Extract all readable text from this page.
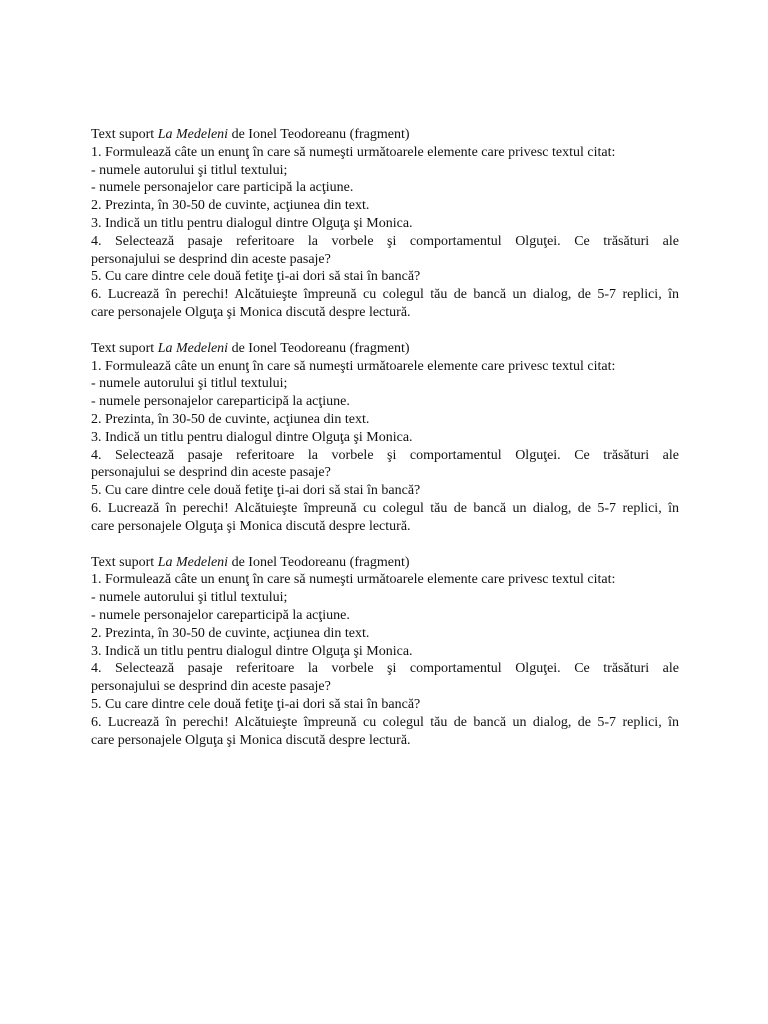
Text suport La Medeleni de Ionel Teodoreanu (fragment)
1. Formulează câte un enunţ în care să numeşti următoarele elemente care privesc textul citat:
- numele autorului şi titlul textului;
- numele personajelor care participă la acţiune.
2. Prezinta, în 30-50 de cuvinte, acţiunea din text.
3. Indică un titlu pentru dialogul dintre Olguţa şi Monica.
4. Selectează pasaje referitoare la vorbele şi comportamentul Olguţei. Ce trăsături ale
personajului se desprind din aceste pasaje?
5. Cu care dintre cele două fetiţe ţi-ai dori să stai în bancă?
6. Lucrează în perechi! Alcătuieşte împreună cu colegul tău de bancă un dialog, de 5-7 replici, în
care personajele Olguţa şi Monica discută despre lectură.
Text suport La Medeleni de Ionel Teodoreanu (fragment)
1. Formulează câte un enunţ în care să numeşti următoarele elemente care privesc textul citat:
- numele autorului şi titlul textului;
- numele personajelor careparticipă la acţiune.
2. Prezinta, în 30-50 de cuvinte, acţiunea din text.
3. Indică un titlu pentru dialogul dintre Olguţa şi Monica.
4. Selectează pasaje referitoare la vorbele şi comportamentul Olguţei. Ce trăsături ale
personajului se desprind din aceste pasaje?
5. Cu care dintre cele două fetiţe ţi-ai dori să stai în bancă?
6. Lucrează în perechi! Alcătuieşte împreună cu colegul tău de bancă un dialog, de 5-7 replici, în
care personajele Olguţa şi Monica discută despre lectură.
Text suport La Medeleni de Ionel Teodoreanu (fragment)
1. Formulează câte un enunţ în care să numeşti următoarele elemente care privesc textul citat:
- numele autorului şi titlul textului;
- numele personajelor careparticipă la acţiune.
2. Prezinta, în 30-50 de cuvinte, acţiunea din text.
3. Indică un titlu pentru dialogul dintre Olguţa şi Monica.
4. Selectează pasaje referitoare la vorbele şi comportamentul Olguţei. Ce trăsături ale
personajului se desprind din aceste pasaje?
5. Cu care dintre cele două fetiţe ţi-ai dori să stai în bancă?
6. Lucrează în perechi! Alcătuieşte împreună cu colegul tău de bancă un dialog, de 5-7 replici, în
care personajele Olguţa şi Monica discută despre lectură.
